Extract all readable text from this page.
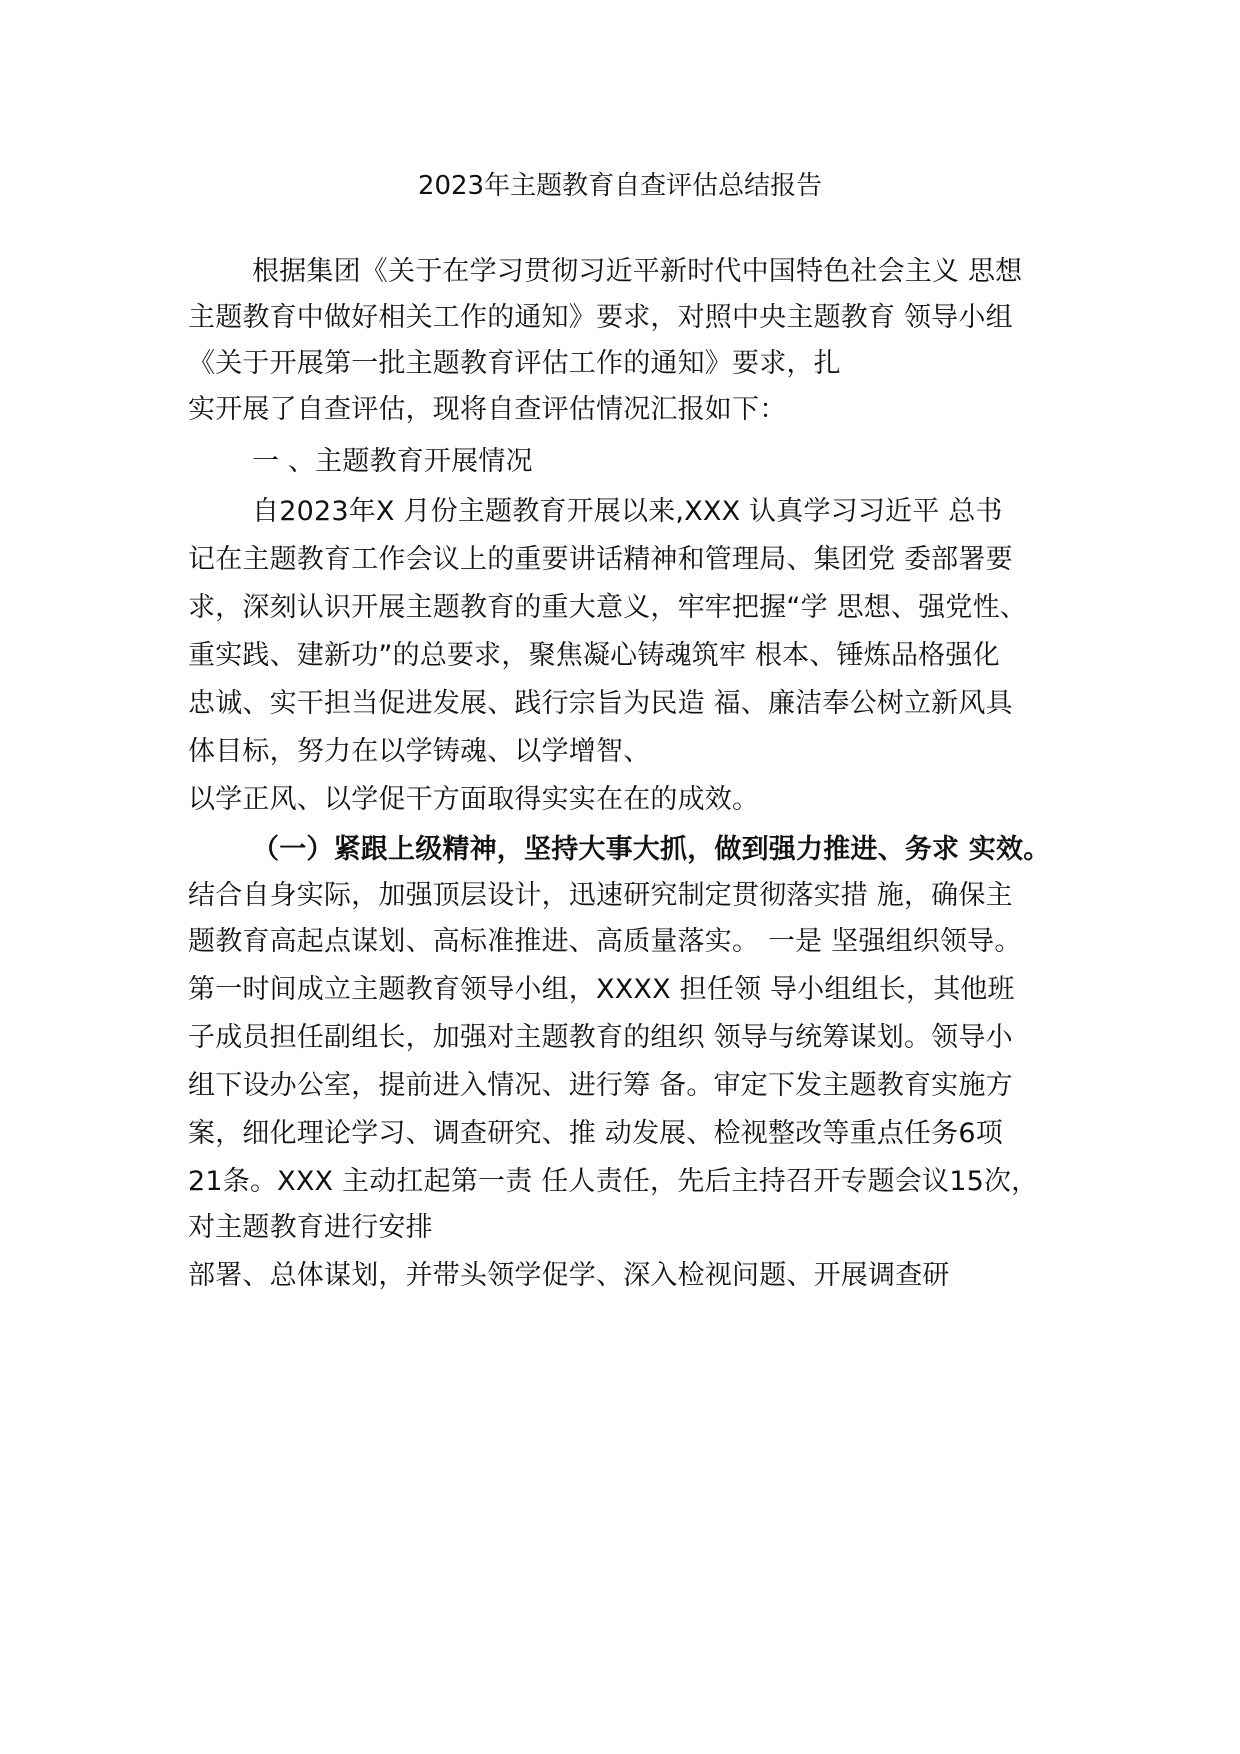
2023年主题教育自查评估总结报告
根据集团《关于在学习贯彻习近平新时代中国特色社会主义 思想
主题教育中做好相关工作的通知》要求，对照中央主题教育 领导小组
《关于开展第一批主题教育评估工作的通知》要求，扎
实开展了自查评估，现将自查评估情况汇报如下：
一 、主题教育开展情况
自2023年X 月份主题教育开展以来,XXX 认真学习习近平 总书
记在主题教育工作会议上的重要讲话精神和管理局、集团党 委部署要
求，深刻认识开展主题教育的重大意义，牢牢把握“学 思想、强党性、
重实践、建新功”的总要求，聚焦凝心铸魂筑牢 根本、锤炼品格强化
忠诚、实干担当促进发展、践行宗旨为民造 福、廉洁奉公树立新风具
体目标，努力在以学铸魂、以学增智、
以学正风、以学促干方面取得实实在在的成效。
（一）紧跟上级精神，坚持大事大抓，做到强力推进、务求 实效。
结合自身实际，加强顶层设计，迅速研究制定贯彻落实措 施，确保主
题教育高起点谋划、高标准推进、高质量落实。 一是 坚强组织领导。
第一时间成立主题教育领导小组，XXXX 担任领 导小组组长，其他班
子成员担任副组长，加强对主题教育的组织 领导与统筹谋划。领导小
组下设办公室，提前进入情况、进行筹 备。审定下发主题教育实施方
案，细化理论学习、调查研究、推 动发展、检视整改等重点任务6项
21条。XXX 主动扛起第一责 任人责任，先后主持召开专题会议15次，
对主题教育进行安排
部署、总体谋划，并带头领学促学、深入检视问题、开展调查研
